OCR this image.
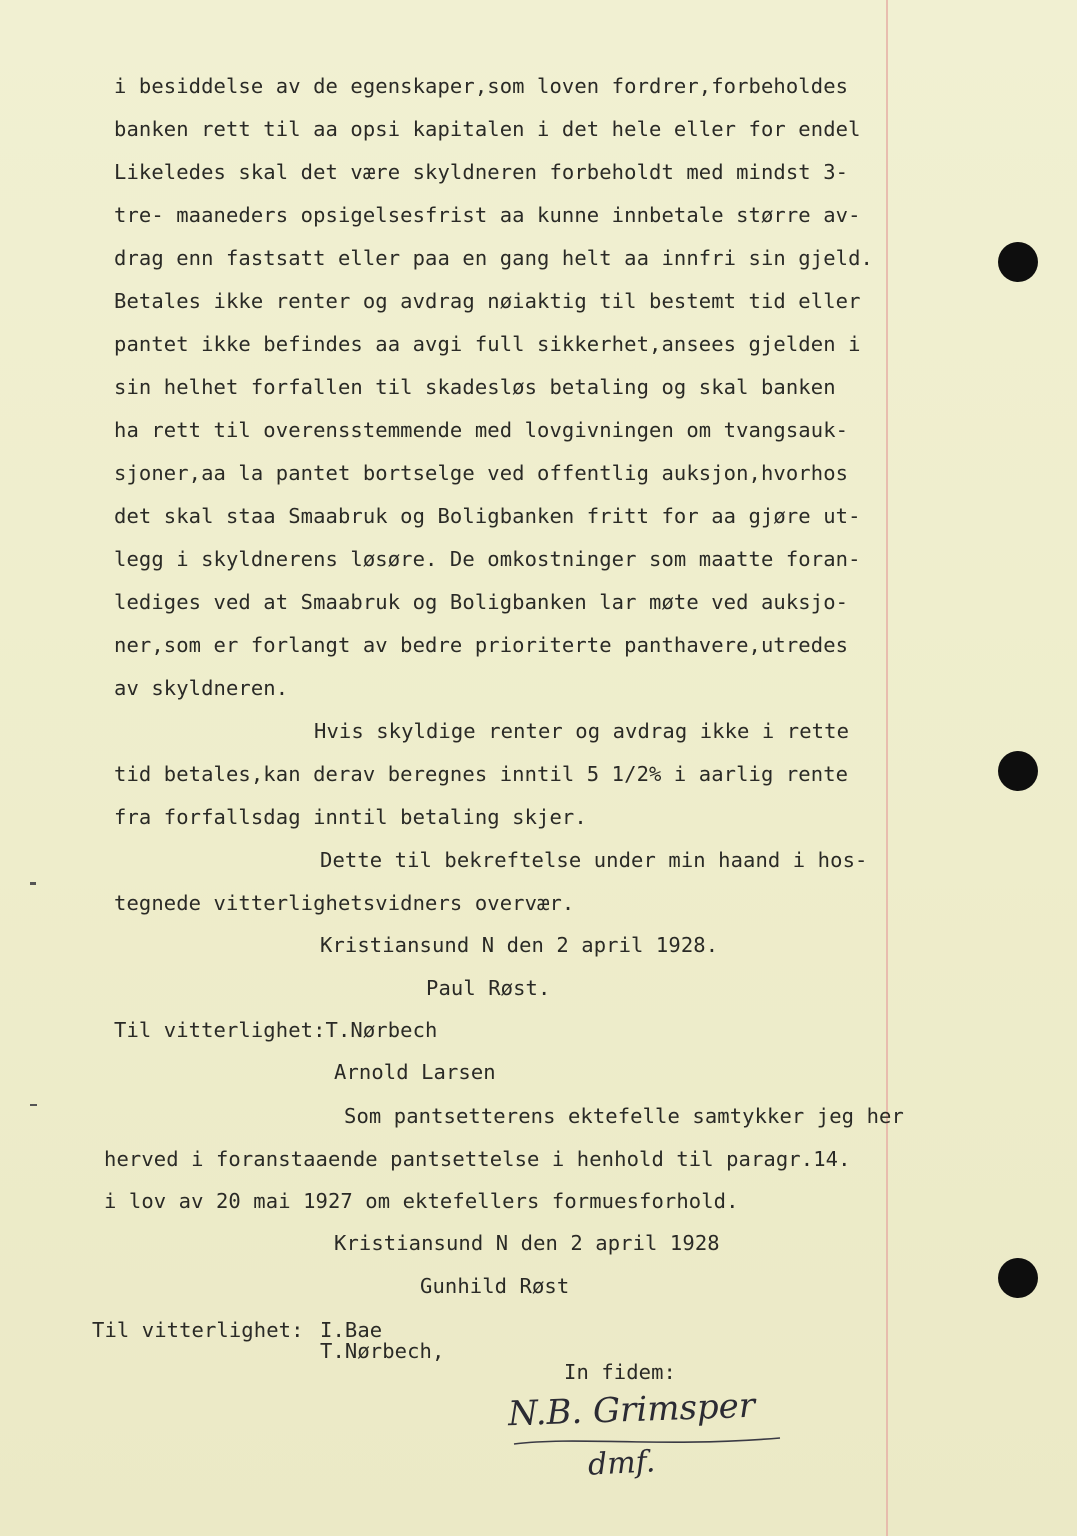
i besiddelse av de egenskaper,som loven fordrer,forbeholdes
banken rett til aa opsi kapitalen i det hele eller for endel
Likeledes skal det være skyldneren forbeholdt med mindst 3-
tre- maaneders opsigelsesfrist aa kunne innbetale større av-
drag enn fastsatt eller paa en gang helt aa innfri sin gjeld.
Betales ikke renter og avdrag nøiaktig til bestemt tid eller
pantet ikke befindes aa avgi full sikkerhet,ansees gjelden i
sin helhet forfallen til skadesløs betaling og skal banken
ha rett til overensstemmende med lovgivningen om tvangsauk-
sjoner,aa la pantet bortselge ved offentlig auksjon,hvorhos
det skal staa Smaabruk og Boligbanken fritt for aa gjøre ut-
legg i skyldnerens løsøre. De omkostninger som maatte foran-
lediges ved at Smaabruk og Boligbanken lar møte ved auksjo-
ner,som er forlangt av bedre prioriterte panthavere,utredes
av skyldneren.
Hvis skyldige renter og avdrag ikke i rette
tid betales,kan derav beregnes inntil 5 1/2% i aarlig rente
fra forfallsdag inntil betaling skjer.
Dette til bekreftelse under min haand i hos-
tegnede vitterlighetsvidners overvær.
Kristiansund N den 2 april 1928.
Paul Røst.
Til vitterlighet:T.Nørbech
Arnold Larsen
Som pantsetterens ektefelle samtykker jeg her
herved i foranstaaende pantsettelse i henhold til paragr.14.
i lov av 20 mai 1927 om ektefellers formuesforhold.
Kristiansund N den 2 april 1928
Gunhild Røst
Til vitterlighet: I.Bae
T.Nørbech,
In fidem:
N.B. Grimsper
dmf.
